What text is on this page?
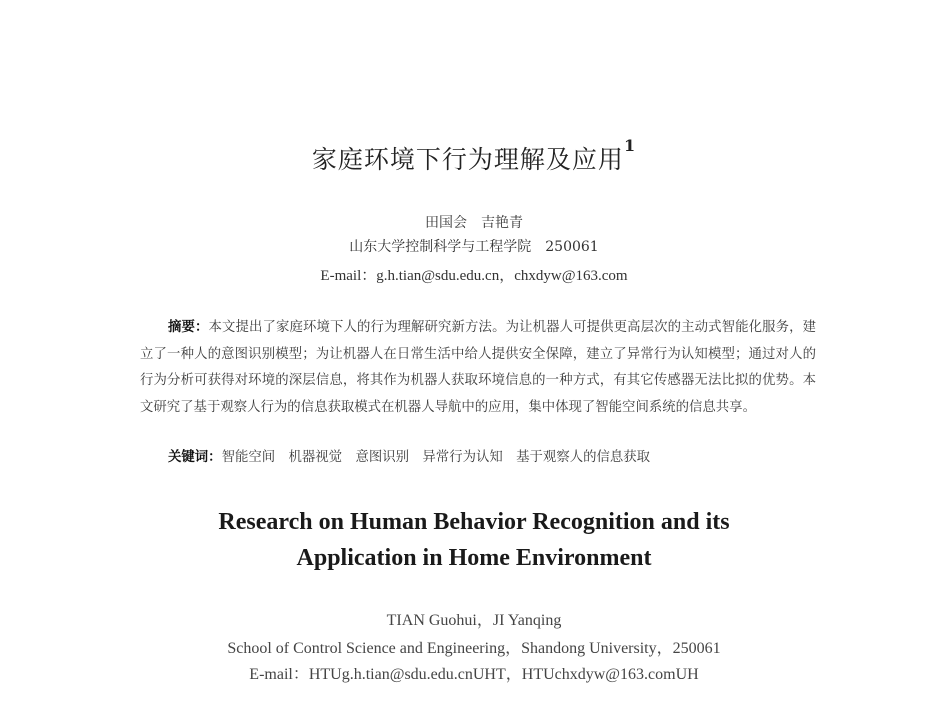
家庭环境下行为理解及应用$^1$
田国会　吉艳青
山东大学控制科学与工程学院　250061
E-mail：g.h.tian@sdu.edu.cn，chxdyw@163.com

摘要：本文提出了家庭环境下人的行为理解研究新方法。为让机器人可提供更高层次的主动式智能化服务，建立了一种人的意图识别模型；为让机器人在日常生活中给人提供安全保障，建立了异常行为认知模型；通过对人的行为分析可获得对环境的深层信息，将其作为机器人获取环境信息的一种方式，有其它传感器无法比拟的优势。本文研究了基于观察人行为的信息获取模式在机器人导航中的应用，集中体现了智能空间系统的信息共享。

关键词：智能空间　机器视觉　意图识别　异常行为认知　基于观察人的信息获取

Research on Human Behavior Recognition and its
Application in Home Environment
TIAN Guohui，JI Yanqing
School of Control Science and Engineering，Shandong University，250061
E-mail：HTUg.h.tian@sdu.edu.cnUHT，HTUchxdyw@163.comUH
